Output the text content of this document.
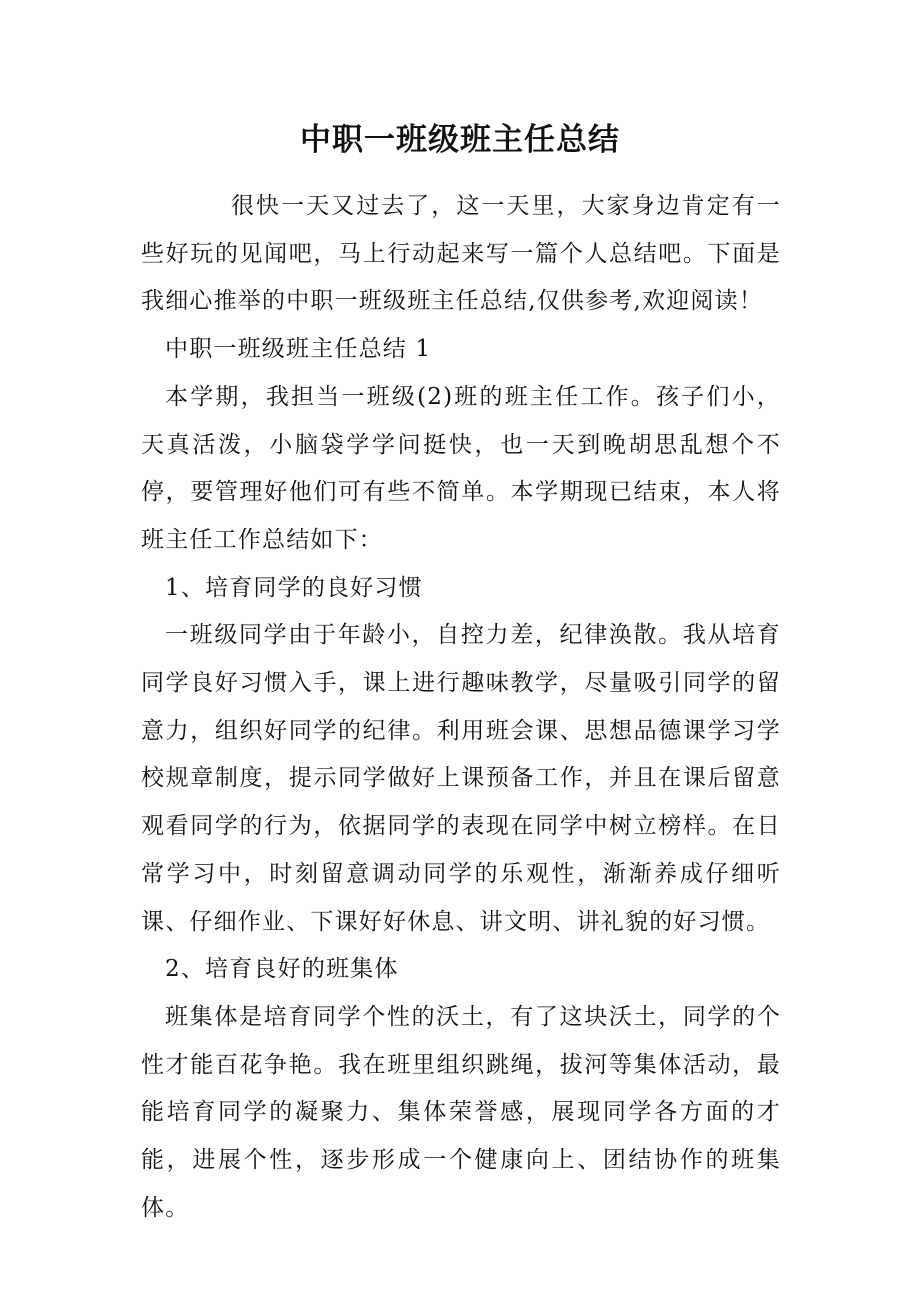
中职一班级班主任总结

很快一天又过去了，这一天里，大家身边肯定有一些好玩的见闻吧，马上行动起来写一篇个人总结吧。下面是我细心推举的中职一班级班主任总结,仅供参考,欢迎阅读！

中职一班级班主任总结 1

本学期，我担当一班级(2)班的班主任工作。孩子们小，天真活泼，小脑袋学学问挺快，也一天到晚胡思乱想个不停，要管理好他们可有些不简单。本学期现已结束，本人将班主任工作总结如下：

1、培育同学的良好习惯

一班级同学由于年龄小，自控力差，纪律涣散。我从培育同学良好习惯入手，课上进行趣味教学，尽量吸引同学的留意力，组织好同学的纪律。利用班会课、思想品德课学习学校规章制度，提示同学做好上课预备工作，并且在课后留意观看同学的行为，依据同学的表现在同学中树立榜样。在日常学习中，时刻留意调动同学的乐观性，渐渐养成仔细听课、仔细作业、下课好好休息、讲文明、讲礼貌的好习惯。

2、培育良好的班集体

班集体是培育同学个性的沃土，有了这块沃土，同学的个性才能百花争艳。我在班里组织跳绳，拔河等集体活动，最能培育同学的凝聚力、集体荣誉感，展现同学各方面的才能，进展个性，逐步形成一个健康向上、团结协作的班集体。
